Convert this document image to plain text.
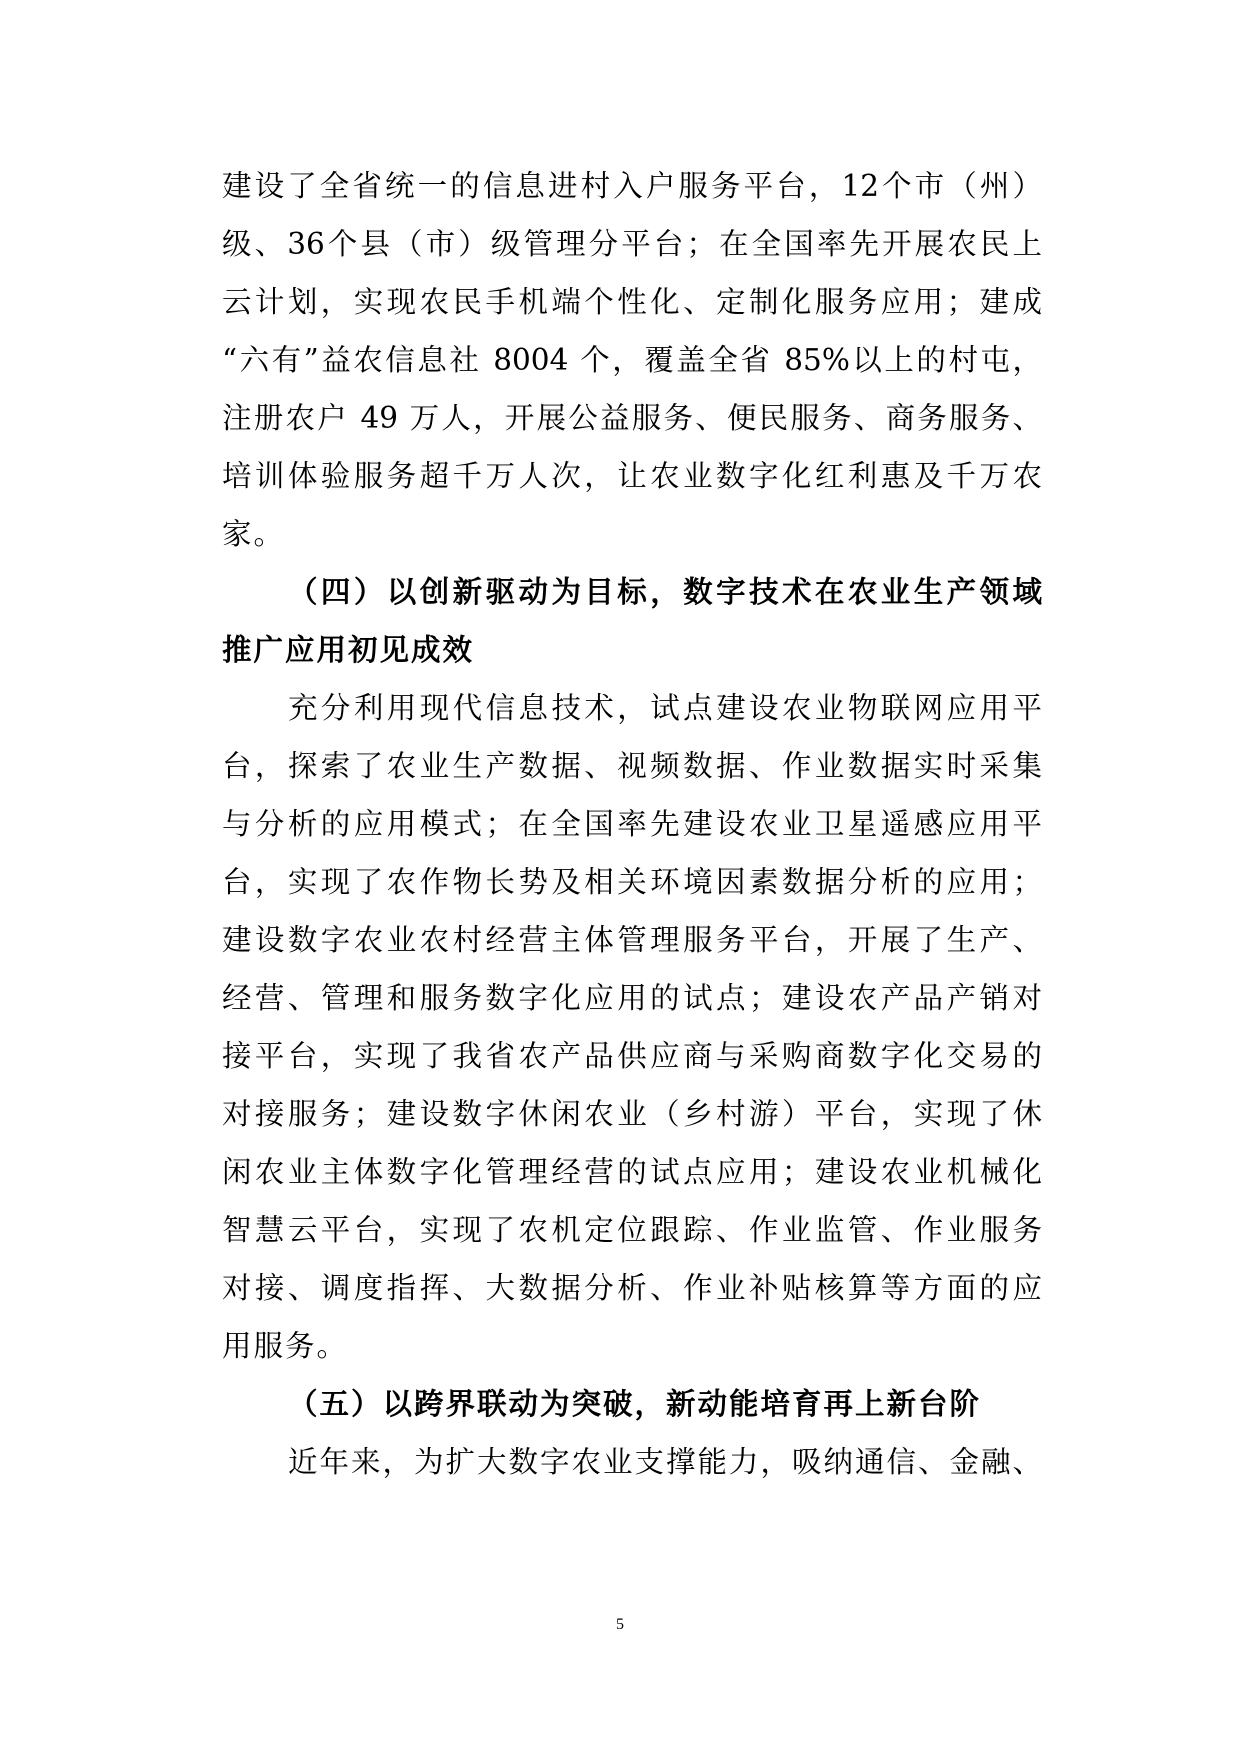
建设了全省统一的信息进村入户服务平台，12个市（州）
级、36个县（市）级管理分平台；在全国率先开展农民上
云计划，实现农民手机端个性化、定制化服务应用；建成
“六有”益农信息社 8004 个，覆盖全省 85%以上的村屯，
注册农户 49 万人，开展公益服务、便民服务、商务服务、
培训体验服务超千万人次，让农业数字化红利惠及千万农
家。
（四）以创新驱动为目标，数字技术在农业生产领域
推广应用初见成效
充分利用现代信息技术，试点建设农业物联网应用平
台，探索了农业生产数据、视频数据、作业数据实时采集
与分析的应用模式；在全国率先建设农业卫星遥感应用平
台，实现了农作物长势及相关环境因素数据分析的应用；
建设数字农业农村经营主体管理服务平台，开展了生产、
经营、管理和服务数字化应用的试点；建设农产品产销对
接平台，实现了我省农产品供应商与采购商数字化交易的
对接服务；建设数字休闲农业（乡村游）平台，实现了休
闲农业主体数字化管理经营的试点应用；建设农业机械化
智慧云平台，实现了农机定位跟踪、作业监管、作业服务
对接、调度指挥、大数据分析、作业补贴核算等方面的应
用服务。
（五）以跨界联动为突破，新动能培育再上新台阶
近年来，为扩大数字农业支撑能力，吸纳通信、金融、
5
